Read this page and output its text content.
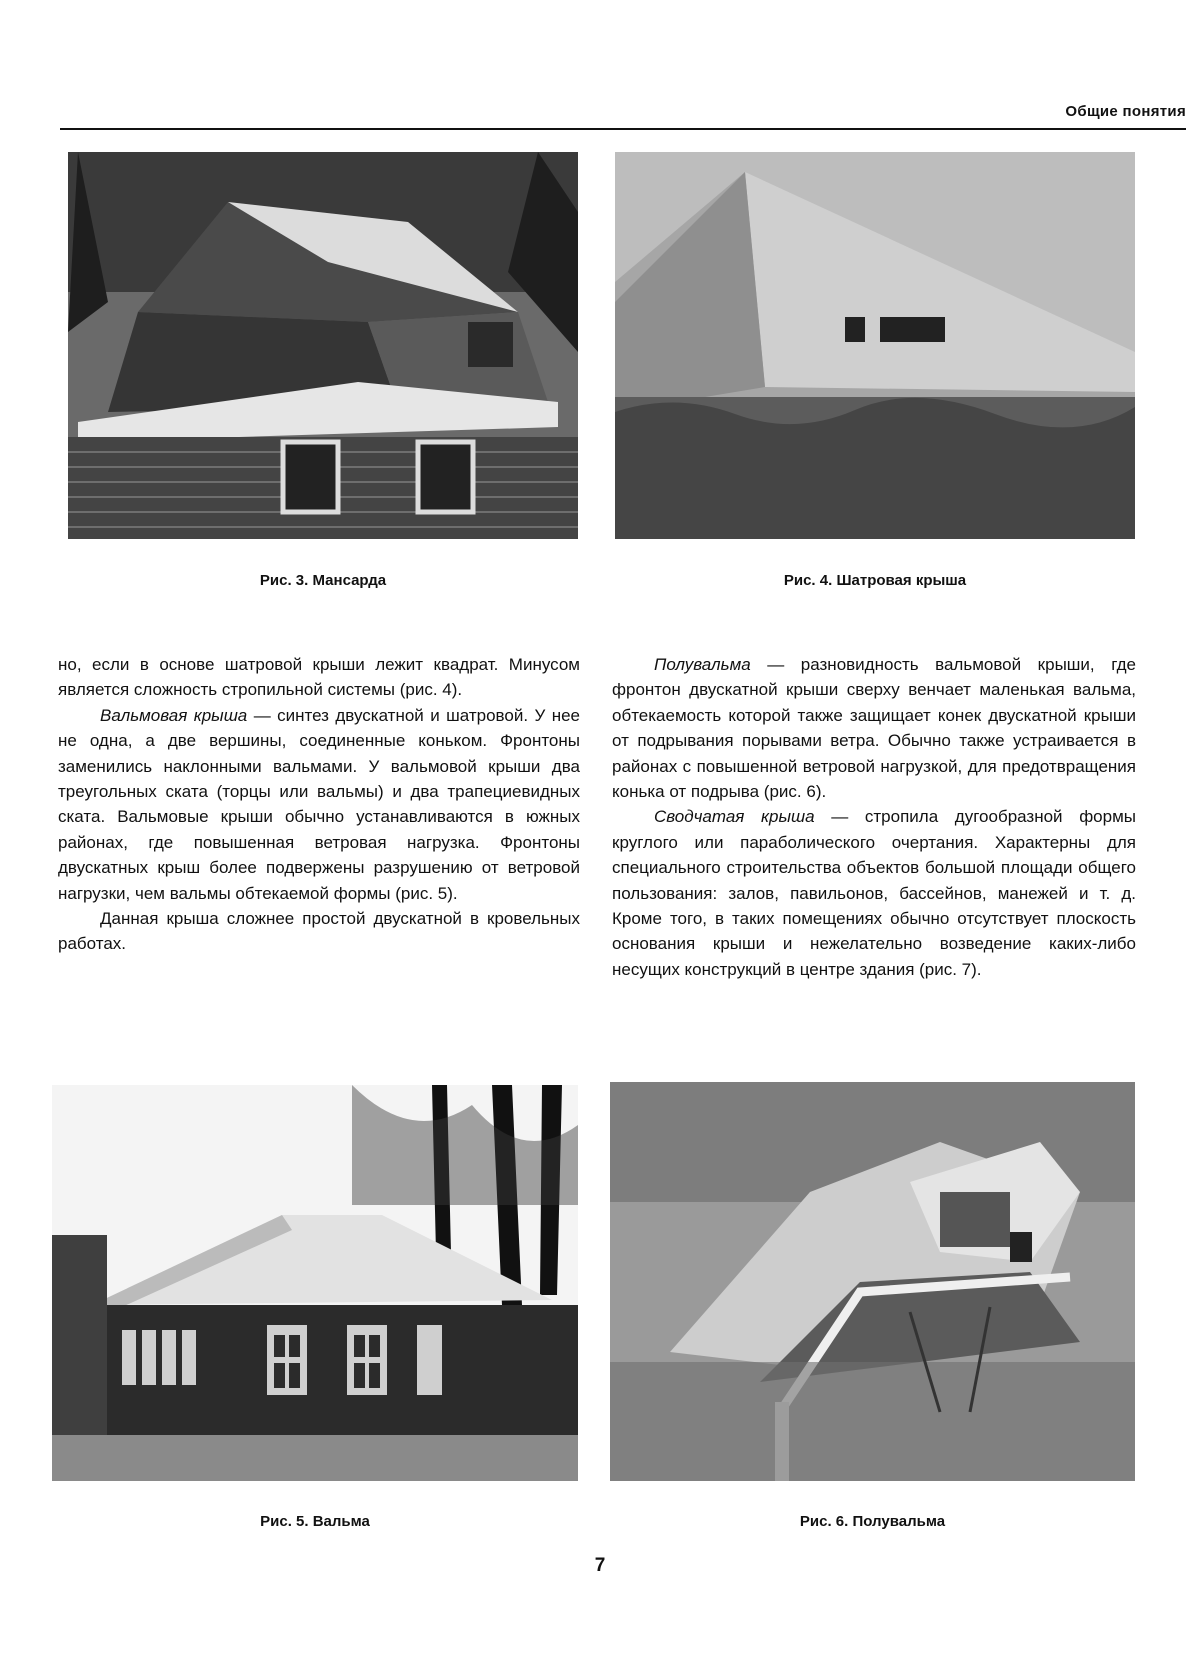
Общие понятия
Рис. 3. Мансарда	Рис. 4. Шатровая крыша

но, если в основе шатровой крыши лежит квадрат. Минусом является сложность стропильной системы (рис. 4).

Вальмовая крыша — синтез двускатной и шатровой. У нее не одна, а две вершины, соединенные коньком. Фронтоны заменились наклонными вальмами. У вальмовой крыши два треугольных ската (торцы или вальмы) и два трапециевидных ската. Вальмовые крыши обычно устанавливаются в южных районах, где повышенная ветровая нагрузка. Фронтоны двускатных крыш более подвержены разрушению от ветровой нагрузки, чем вальмы обтекаемой формы (рис. 5).

Данная крыша сложнее простой двускатной в кровельных работах.

Полувальма — разновидность вальмовой крыши, где фронтон двускатной крыши сверху венчает маленькая вальма, обтекаемость которой также защищает конек двускатной крыши от подрывания порывами ветра. Обычно также устраивается в районах с повышенной ветровой нагрузкой, для предотвращения конька от подрыва (рис. 6).

Сводчатая крыша — стропила дугообразной формы круглого или параболического очертания. Характерны для специального строительства объектов большой площади общего пользования: залов, павильонов, бассейнов, манежей и т. д. Кроме того, в таких помещениях обычно отсутствует плоскость основания крыши и нежелательно возведение каких-либо несущих конструкций в центре здания (рис. 7).

Рис. 5. Вальма	Рис. 6. Полувальма
7
